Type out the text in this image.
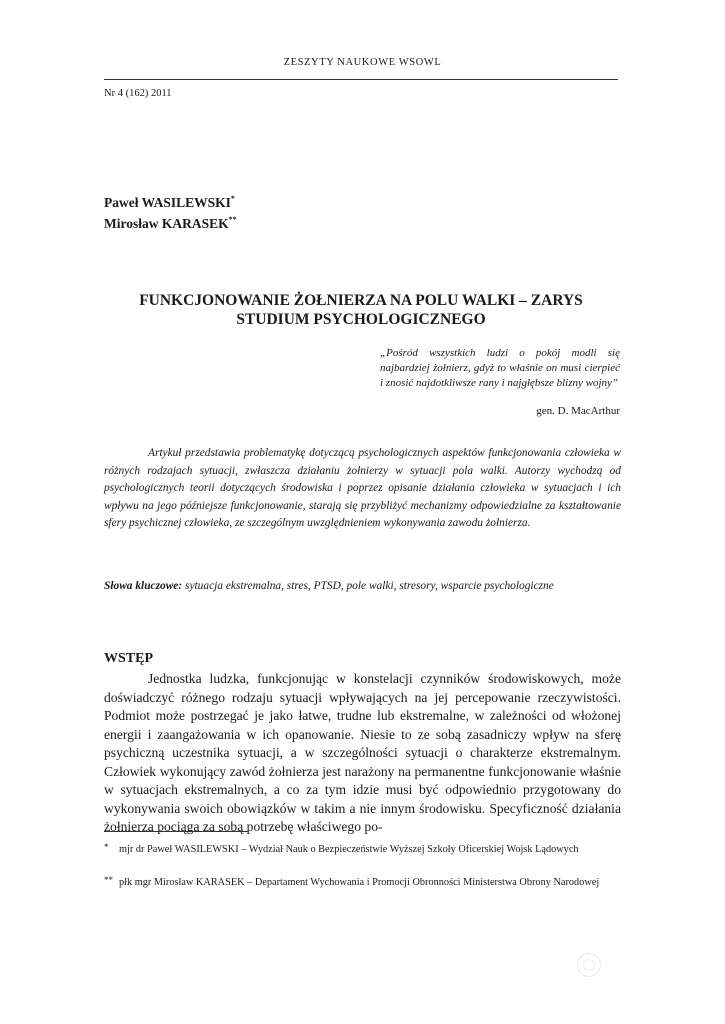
ZESZYTY NAUKOWE WSOWL
Nr 4 (162) 2011
Paweł WASILEWSKI*
Mirosław KARASEK**
FUNKCJONOWANIE ŻOŁNIERZA NA POLU WALKI – ZARYS STUDIUM PSYCHOLOGICZNEGO
„Pośród wszystkich ludzi o pokój modli się najbardziej żołnierz, gdyż to właśnie on musi cierpieć i znosić najdotkliwsze rany i najgłębsze blizny wojny”
gen. D. MacArthur

Artykuł przedstawia problematykę dotyczącą psychologicznych aspektów funkcjonowania człowieka w różnych rodzajach sytuacji, zwłaszcza działaniu żołnierzy w sytuacji pola walki. Autorzy wychodzą od psychologicznych teorii dotyczących środowiska i poprzez opisanie działania człowieka w sytuacjach i ich wpływu na jego późniejsze funkcjonowanie, starają się przybliżyć mechanizmy odpowiedzialne za kształtowanie sfery psychicznej człowieka, ze szczególnym uwzględnieniem wykonywania zawodu żołnierza.

Słowa kluczowe: sytuacja ekstremalna, stres, PTSD, pole walki, stresory, wsparcie psychologiczne

WSTĘP

Jednostka ludzka, funkcjonując w konstelacji czynników środowiskowych, może doświadczyć różnego rodzaju sytuacji wpływających na jej percepowanie rzeczywistości. Podmiot może postrzegać je jako łatwe, trudne lub ekstremalne, w zależności od włożonej energii i zaangażowania w ich opanowanie. Niesie to ze sobą zasadniczy wpływ na sferę psychiczną uczestnika sytuacji, a w szczególności sytuacji o charakterze ekstremalnym. Człowiek wykonujący zawód żołnierza jest narażony na permanentne funkcjonowanie właśnie w sytuacjach ekstremalnych, a co za tym idzie musi być odpowiednio przygotowany do wykonywania swoich obowiązków w takim a nie innym środowisku. Specyficzność działania żołnierza pociąga za sobą potrzebę właściwego po-

* mjr dr Paweł WASILEWSKI – Wydział Nauk o Bezpieczeństwie Wyższej Szkoły Oficerskiej Wojsk Lądowych
** płk mgr Mirosław KARASEK – Departament Wychowania i Promocji Obronności Ministerstwa Obrony Narodowej
